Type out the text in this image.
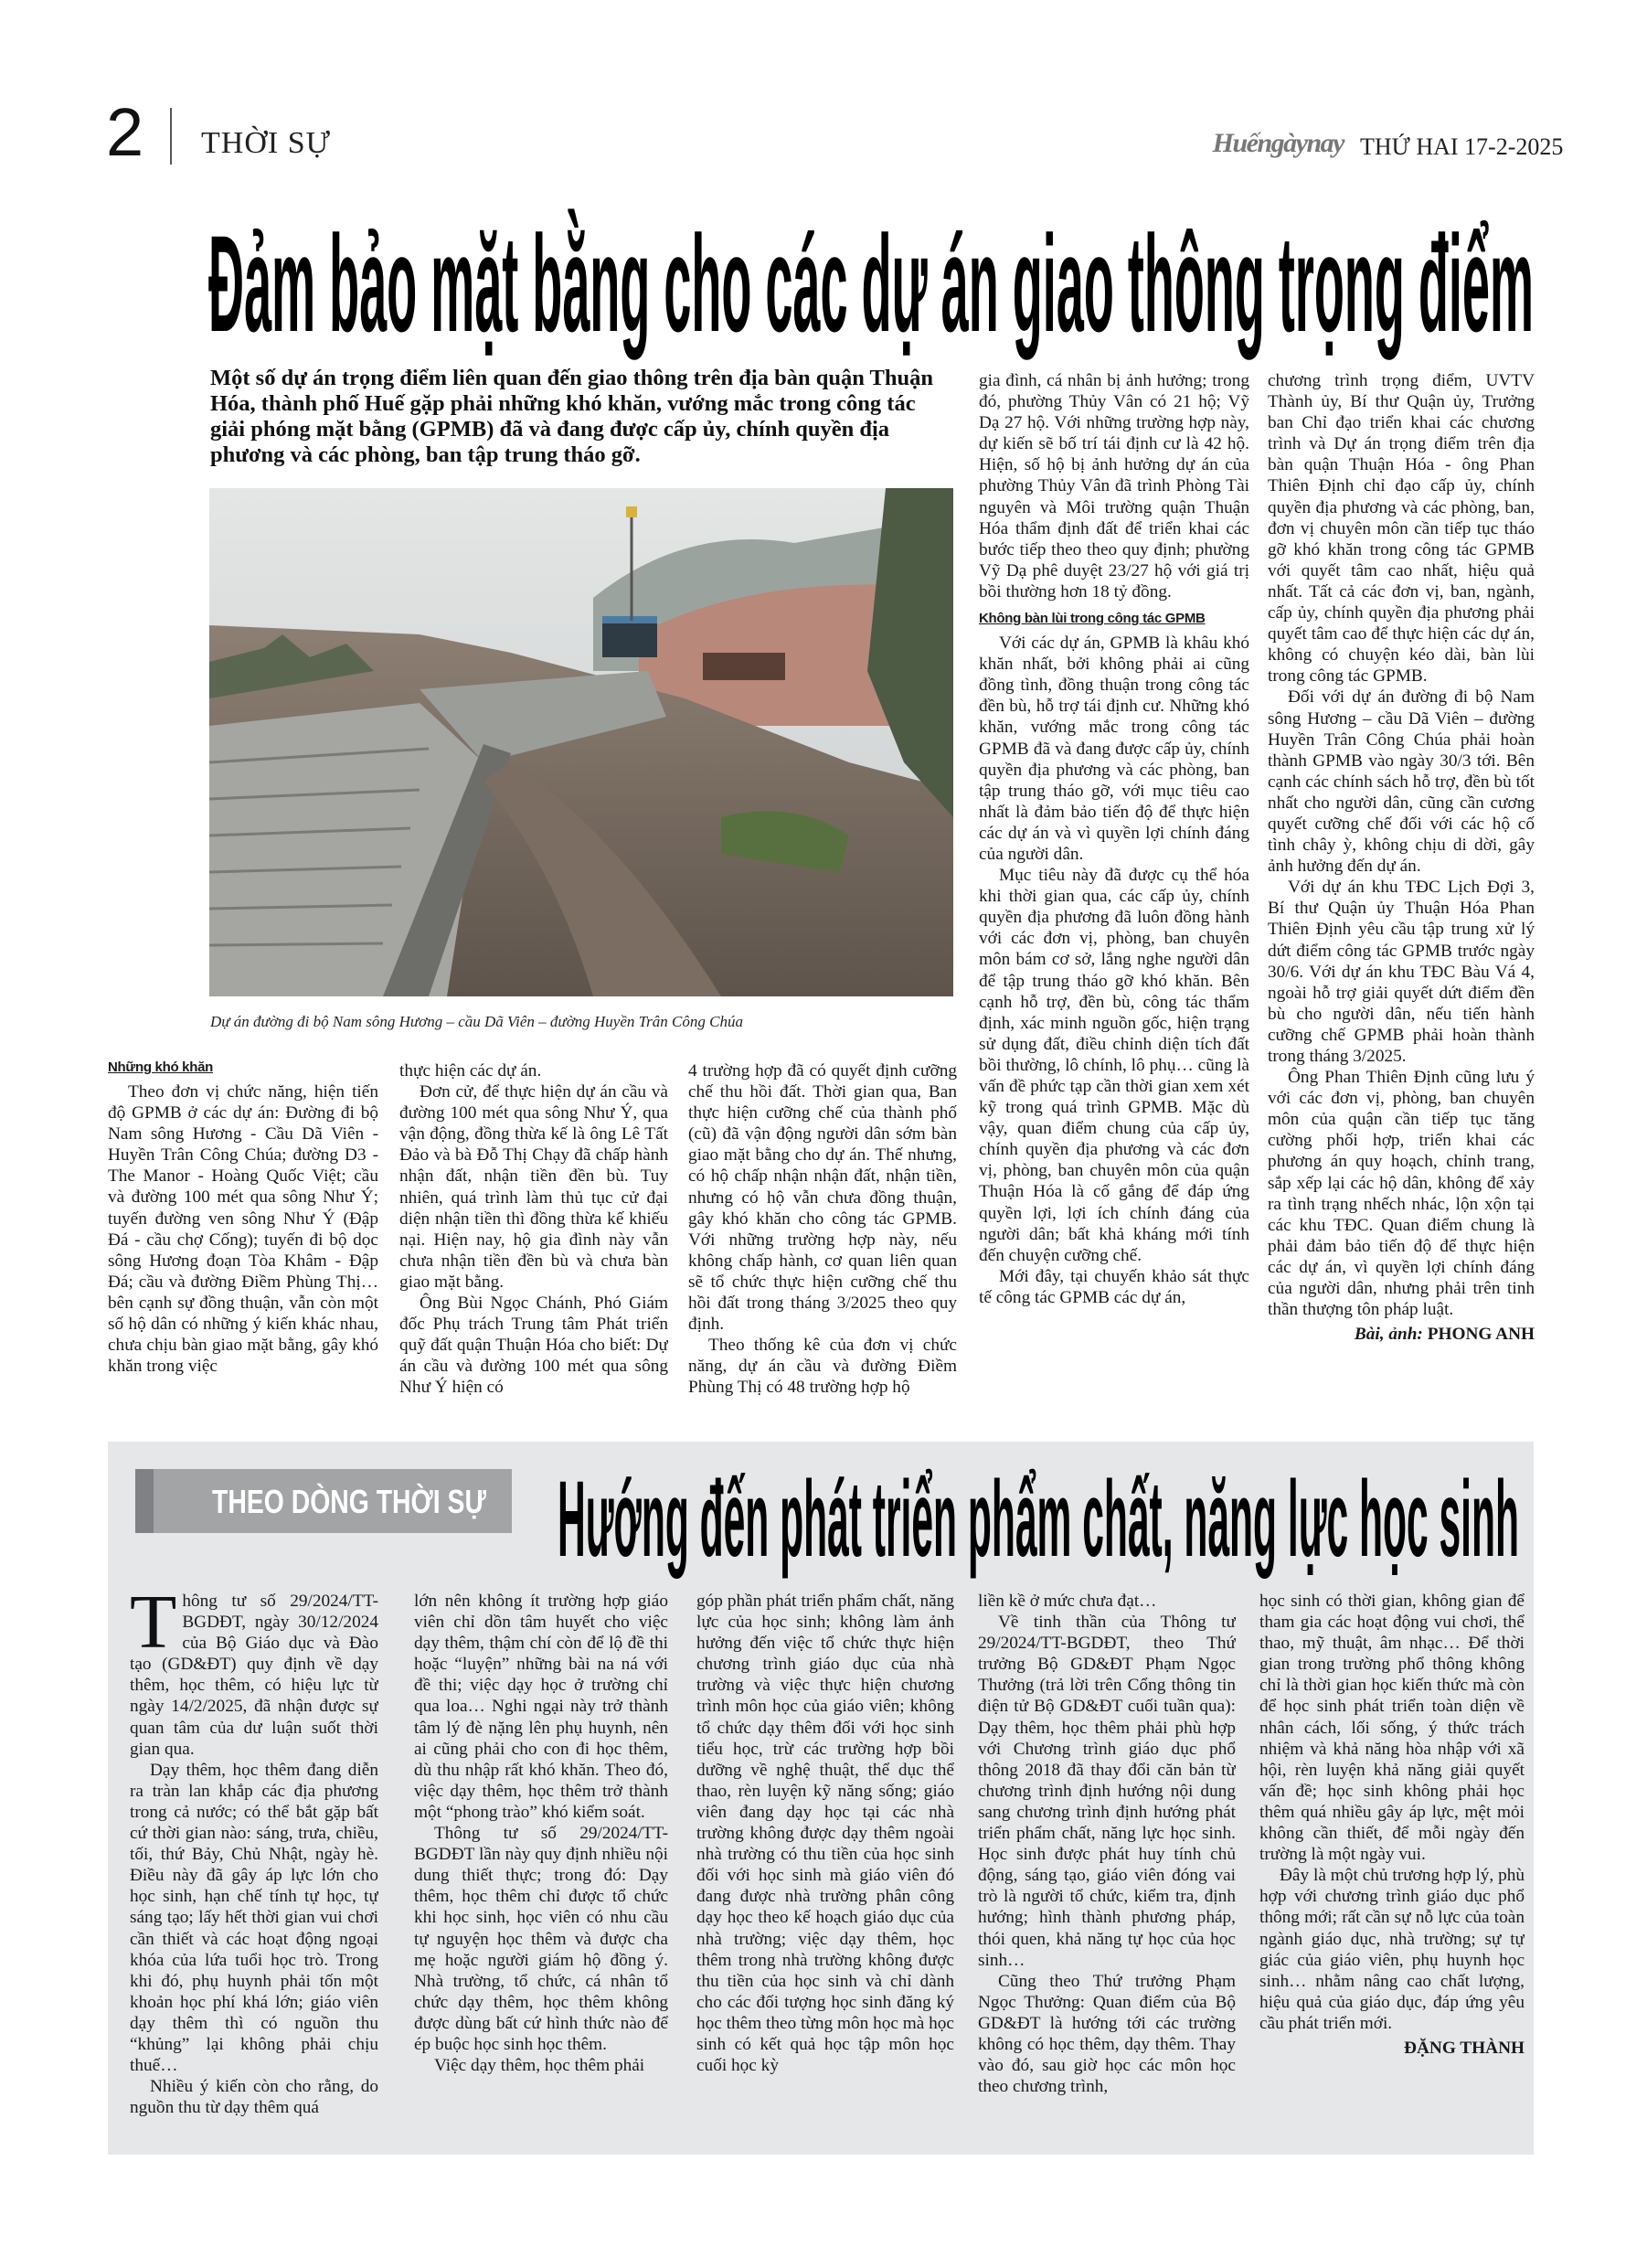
2 THỜI SỰ	Huếngàynay THỨ HAI 17-2-2025
Đảm bảo mặt bằng cho các dự án giao thông trọng điểm
Một số dự án trọng điểm liên quan đến giao thông trên địa bàn quận Thuận Hóa, thành phố Huế gặp phải những khó khăn, vướng mắc trong công tác giải phóng mặt bằng (GPMB) đã và đang được cấp ủy, chính quyền địa phương và các phòng, ban tập trung tháo gỡ.
Dự án đường đi bộ Nam sông Hương – cầu Dã Viên – đường Huyền Trân Công Chúa

Những khó khăn

Theo đơn vị chức năng, hiện tiến độ GPMB ở các dự án: Đường đi bộ Nam sông Hương - Cầu Dã Viên - Huyền Trân Công Chúa; đường D3 - The Manor - Hoàng Quốc Việt; cầu và đường 100 mét qua sông Như Ý; tuyến đường ven sông Như Ý (Đập Đá - cầu chợ Cống); tuyến đi bộ dọc sông Hương đoạn Tòa Khâm - Đập Đá; cầu và đường Điềm Phùng Thị… bên cạnh sự đồng thuận, vẫn còn một số hộ dân có những ý kiến khác nhau, chưa chịu bàn giao mặt bằng, gây khó khăn trong việc

thực hiện các dự án.

Đơn cử, để thực hiện dự án cầu và đường 100 mét qua sông Như Ý, qua vận động, đồng thừa kế là ông Lê Tất Đảo và bà Đỗ Thị Chạy đã chấp hành nhận đất, nhận tiền đền bù. Tuy nhiên, quá trình làm thủ tục cử đại diện nhận tiền thì đồng thừa kế khiếu nại. Hiện nay, hộ gia đình này vẫn chưa nhận tiền đền bù và chưa bàn giao mặt bằng.

Ông Bùi Ngọc Chánh, Phó Giám đốc Phụ trách Trung tâm Phát triển quỹ đất quận Thuận Hóa cho biết: Dự án cầu và đường 100 mét qua sông Như Ý hiện có

4 trường hợp đã có quyết định cưỡng chế thu hồi đất. Thời gian qua, Ban thực hiện cưỡng chế của thành phố (cũ) đã vận động người dân sớm bàn giao mặt bằng cho dự án. Thế nhưng, có hộ chấp nhận nhận đất, nhận tiền, nhưng có hộ vẫn chưa đồng thuận, gây khó khăn cho công tác GPMB. Với những trường hợp này, nếu không chấp hành, cơ quan liên quan sẽ tổ chức thực hiện cưỡng chế thu hồi đất trong tháng 3/2025 theo quy định.

Theo thống kê của đơn vị chức năng, dự án cầu và đường Điềm Phùng Thị có 48 trường hợp hộ

gia đình, cá nhân bị ảnh hưởng; trong đó, phường Thủy Vân có 21 hộ; Vỹ Dạ 27 hộ. Với những trường hợp này, dự kiến sẽ bố trí tái định cư là 42 hộ. Hiện, số hộ bị ảnh hưởng dự án của phường Thủy Vân đã trình Phòng Tài nguyên và Môi trường quận Thuận Hóa thẩm định đất để triển khai các bước tiếp theo theo quy định; phường Vỹ Dạ phê duyệt 23/27 hộ với giá trị bồi thường hơn 18 tỷ đồng.

Không bàn lùi trong công tác GPMB

Với các dự án, GPMB là khâu khó khăn nhất, bởi không phải ai cũng đồng tình, đồng thuận trong công tác đền bù, hỗ trợ tái định cư. Những khó khăn, vướng mắc trong công tác GPMB đã và đang được cấp ủy, chính quyền địa phương và các phòng, ban tập trung tháo gỡ, với mục tiêu cao nhất là đảm bảo tiến độ để thực hiện các dự án và vì quyền lợi chính đáng của người dân.

Mục tiêu này đã được cụ thể hóa khi thời gian qua, các cấp ủy, chính quyền địa phương đã luôn đồng hành với các đơn vị, phòng, ban chuyên môn bám cơ sở, lắng nghe người dân để tập trung tháo gỡ khó khăn. Bên cạnh hỗ trợ, đền bù, công tác thẩm định, xác minh nguồn gốc, hiện trạng sử dụng đất, điều chỉnh diện tích đất bồi thường, lô chính, lô phụ… cũng là vấn đề phức tạp cần thời gian xem xét kỹ trong quá trình GPMB. Mặc dù vậy, quan điểm chung của cấp ủy, chính quyền địa phương và các đơn vị, phòng, ban chuyên môn của quận Thuận Hóa là cố gắng để đáp ứng quyền lợi, lợi ích chính đáng của người dân; bất khả kháng mới tính đến chuyện cưỡng chế.

Mới đây, tại chuyến khảo sát thực tế công tác GPMB các dự án,

chương trình trọng điểm, UVTV Thành ủy, Bí thư Quận ủy, Trưởng ban Chỉ đạo triển khai các chương trình và Dự án trọng điểm trên địa bàn quận Thuận Hóa - ông Phan Thiên Định chỉ đạo cấp ủy, chính quyền địa phương và các phòng, ban, đơn vị chuyên môn cần tiếp tục tháo gỡ khó khăn trong công tác GPMB với quyết tâm cao nhất, hiệu quả nhất. Tất cả các đơn vị, ban, ngành, cấp ủy, chính quyền địa phương phải quyết tâm cao để thực hiện các dự án, không có chuyện kéo dài, bàn lùi trong công tác GPMB.

Đối với dự án đường đi bộ Nam sông Hương – cầu Dã Viên – đường Huyền Trân Công Chúa phải hoàn thành GPMB vào ngày 30/3 tới. Bên cạnh các chính sách hỗ trợ, đền bù tốt nhất cho người dân, cũng cần cương quyết cưỡng chế đối với các hộ cố tình chây ỳ, không chịu di dời, gây ảnh hưởng đến dự án.

Với dự án khu TĐC Lịch Đợi 3, Bí thư Quận ủy Thuận Hóa Phan Thiên Định yêu cầu tập trung xử lý dứt điểm công tác GPMB trước ngày 30/6. Với dự án khu TĐC Bàu Vá 4, ngoài hỗ trợ giải quyết dứt điểm đền bù cho người dân, nếu tiến hành cưỡng chế GPMB phải hoàn thành trong tháng 3/2025.

Ông Phan Thiên Định cũng lưu ý với các đơn vị, phòng, ban chuyên môn của quận cần tiếp tục tăng cường phối hợp, triển khai các phương án quy hoạch, chỉnh trang, sắp xếp lại các hộ dân, không để xảy ra tình trạng nhếch nhác, lộn xộn tại các khu TĐC. Quan điểm chung là phải đảm bảo tiến độ để thực hiện các dự án, vì quyền lợi chính đáng của người dân, nhưng phải trên tinh thần thượng tôn pháp luật.

Bài, ảnh: PHONG ANH

THEO DÒNG THỜI SỰ Hướng đến phát triển phẩm chất, năng lực học sinh

Thông tư số 29/2024/TT-BGDĐT, ngày 30/12/2024 của Bộ Giáo dục và Đào tạo (GD&ĐT) quy định về dạy thêm, học thêm, có hiệu lực từ ngày 14/2/2025, đã nhận được sự quan tâm của dư luận suốt thời gian qua.

Dạy thêm, học thêm đang diễn ra tràn lan khắp các địa phương trong cả nước; có thể bắt gặp bất cứ thời gian nào: sáng, trưa, chiều, tối, thứ Bảy, Chủ Nhật, ngày hè. Điều này đã gây áp lực lớn cho học sinh, hạn chế tính tự học, tự sáng tạo; lấy hết thời gian vui chơi cần thiết và các hoạt động ngoại khóa của lứa tuổi học trò. Trong khi đó, phụ huynh phải tốn một khoản học phí khá lớn; giáo viên dạy thêm thì có nguồn thu “khủng” lại không phải chịu thuế…

Nhiều ý kiến còn cho rằng, do nguồn thu từ dạy thêm quá

lớn nên không ít trường hợp giáo viên chỉ dồn tâm huyết cho việc dạy thêm, thậm chí còn để lộ đề thi hoặc “luyện” những bài na ná với đề thi; việc dạy học ở trường chỉ qua loa… Nghi ngại này trở thành tâm lý đè nặng lên phụ huynh, nên ai cũng phải cho con đi học thêm, dù thu nhập rất khó khăn. Theo đó, việc dạy thêm, học thêm trở thành một “phong trào” khó kiểm soát.

Thông tư số 29/2024/TT-BGDĐT lần này quy định nhiều nội dung thiết thực; trong đó: Dạy thêm, học thêm chỉ được tổ chức khi học sinh, học viên có nhu cầu tự nguyện học thêm và được cha mẹ hoặc người giám hộ đồng ý. Nhà trường, tổ chức, cá nhân tổ chức dạy thêm, học thêm không được dùng bất cứ hình thức nào để ép buộc học sinh học thêm.

Việc dạy thêm, học thêm phải

góp phần phát triển phẩm chất, năng lực của học sinh; không làm ảnh hưởng đến việc tổ chức thực hiện chương trình giáo dục của nhà trường và việc thực hiện chương trình môn học của giáo viên; không tổ chức dạy thêm đối với học sinh tiểu học, trừ các trường hợp bồi dưỡng về nghệ thuật, thể dục thể thao, rèn luyện kỹ năng sống; giáo viên đang dạy học tại các nhà trường không được dạy thêm ngoài nhà trường có thu tiền của học sinh đối với học sinh mà giáo viên đó đang được nhà trường phân công dạy học theo kế hoạch giáo dục của nhà trường; việc dạy thêm, học thêm trong nhà trường không được thu tiền của học sinh và chỉ dành cho các đối tượng học sinh đăng ký học thêm theo từng môn học mà học sinh có kết quả học tập môn học cuối học kỳ

liền kề ở mức chưa đạt…

Về tinh thần của Thông tư 29/2024/TT-BGDĐT, theo Thứ trưởng Bộ GD&ĐT Phạm Ngọc Thưởng (trả lời trên Cổng thông tin điện tử Bộ GD&ĐT cuối tuần qua): Dạy thêm, học thêm phải phù hợp với Chương trình giáo dục phổ thông 2018 đã thay đổi căn bản từ chương trình định hướng nội dung sang chương trình định hướng phát triển phẩm chất, năng lực học sinh. Học sinh được phát huy tính chủ động, sáng tạo, giáo viên đóng vai trò là người tổ chức, kiểm tra, định hướng; hình thành phương pháp, thói quen, khả năng tự học của học sinh…

Cũng theo Thứ trưởng Phạm Ngọc Thưởng: Quan điểm của Bộ GD&ĐT là hướng tới các trường không có học thêm, dạy thêm. Thay vào đó, sau giờ học các môn học theo chương trình,

học sinh có thời gian, không gian để tham gia các hoạt động vui chơi, thể thao, mỹ thuật, âm nhạc… Để thời gian trong trường phổ thông không chỉ là thời gian học kiến thức mà còn để học sinh phát triển toàn diện về nhân cách, lối sống, ý thức trách nhiệm và khả năng hòa nhập với xã hội, rèn luyện khả năng giải quyết vấn đề; học sinh không phải học thêm quá nhiều gây áp lực, mệt mỏi không cần thiết, để mỗi ngày đến trường là một ngày vui.

Đây là một chủ trương hợp lý, phù hợp với chương trình giáo dục phổ thông mới; rất cần sự nỗ lực của toàn ngành giáo dục, nhà trường; sự tự giác của giáo viên, phụ huynh học sinh… nhằm nâng cao chất lượng, hiệu quả của giáo dục, đáp ứng yêu cầu phát triển mới.

ĐẶNG THÀNH
